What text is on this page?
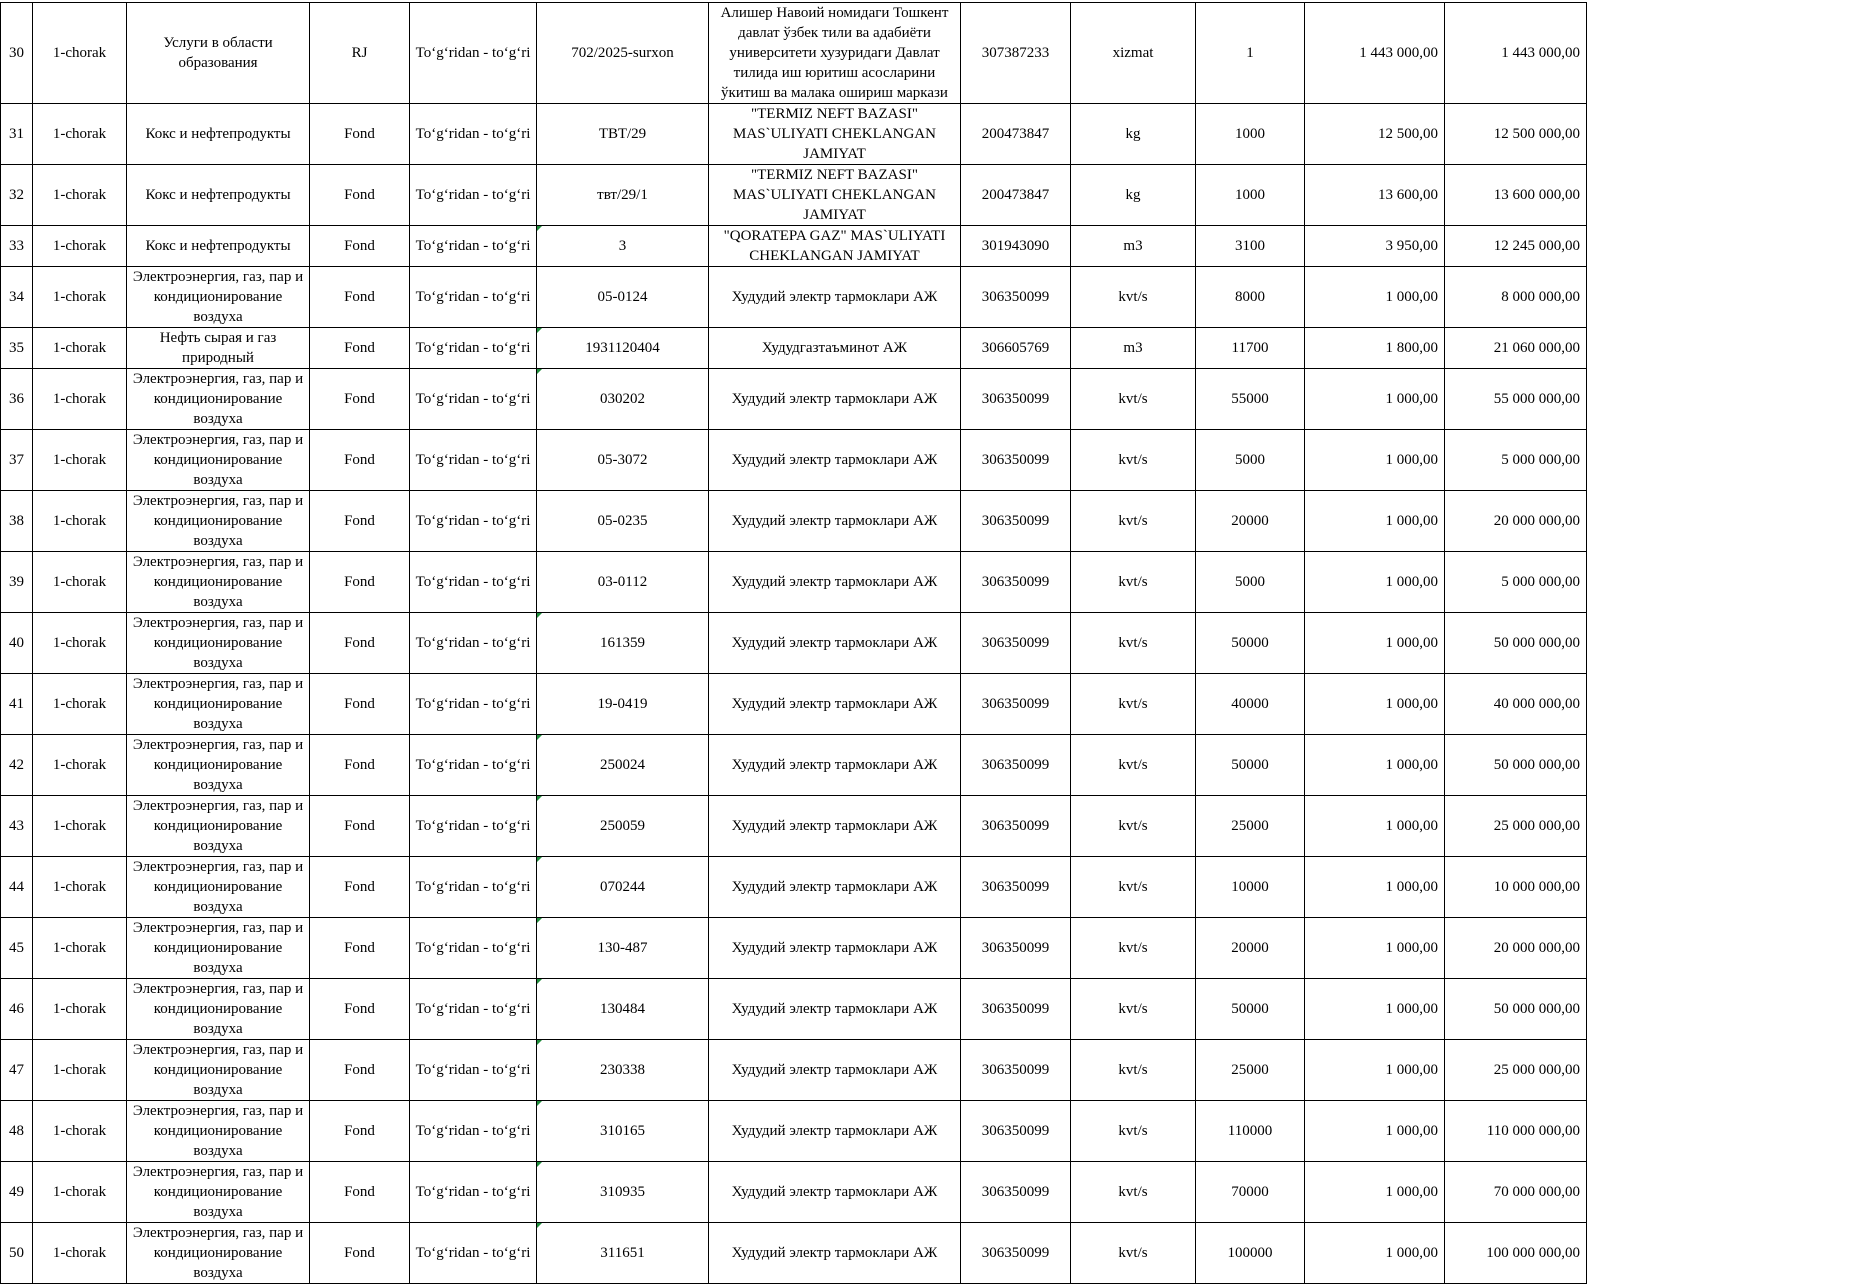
30	1-chorak	Услуги в области образования	RJ	To‘g‘ridan - to‘g‘ri	702/2025-surxon	Алишер Навоий номидаги Тошкент давлат ўзбек тили ва адабиёти университети хузуридаги Давлат тилида иш юритиш асосларини ўкитиш ва малака ошириш маркази	307387233	xizmat	1	1 443 000,00	1 443 000,00
31	1-chorak	Кокс и нефтепродукты	Fond	To‘g‘ridan - to‘g‘ri	ТВТ/29	"TERMIZ NEFT BAZASI" MAS`ULIYATI CHEKLANGAN JAMIYAT	200473847	kg	1000	12 500,00	12 500 000,00
32	1-chorak	Кокс и нефтепродукты	Fond	To‘g‘ridan - to‘g‘ri	твт/29/1	"TERMIZ NEFT BAZASI" MAS`ULIYATI CHEKLANGAN JAMIYAT	200473847	kg	1000	13 600,00	13 600 000,00
33	1-chorak	Кокс и нефтепродукты	Fond	To‘g‘ridan - to‘g‘ri	3	"QORATEPA GAZ" MAS`ULIYATI CHEKLANGAN JAMIYAT	301943090	m3	3100	3 950,00	12 245 000,00
34	1-chorak	Электроэнергия, газ, пар и кондиционирование воздуха	Fond	To‘g‘ridan - to‘g‘ri	05-0124	Худудий электр тармоклари АЖ	306350099	kvt/s	8000	1 000,00	8 000 000,00
35	1-chorak	Нефть сырая и газ природный	Fond	To‘g‘ridan - to‘g‘ri	1931120404	Худудгазтаъминот АЖ	306605769	m3	11700	1 800,00	21 060 000,00
36	1-chorak	Электроэнергия, газ, пар и кондиционирование воздуха	Fond	To‘g‘ridan - to‘g‘ri	030202	Худудий электр тармоклари АЖ	306350099	kvt/s	55000	1 000,00	55 000 000,00
37	1-chorak	Электроэнергия, газ, пар и кондиционирование воздуха	Fond	To‘g‘ridan - to‘g‘ri	05-3072	Худудий электр тармоклари АЖ	306350099	kvt/s	5000	1 000,00	5 000 000,00
38	1-chorak	Электроэнергия, газ, пар и кондиционирование воздуха	Fond	To‘g‘ridan - to‘g‘ri	05-0235	Худудий электр тармоклари АЖ	306350099	kvt/s	20000	1 000,00	20 000 000,00
39	1-chorak	Электроэнергия, газ, пар и кондиционирование воздуха	Fond	To‘g‘ridan - to‘g‘ri	03-0112	Худудий электр тармоклари АЖ	306350099	kvt/s	5000	1 000,00	5 000 000,00
40	1-chorak	Электроэнергия, газ, пар и кондиционирование воздуха	Fond	To‘g‘ridan - to‘g‘ri	161359	Худудий электр тармоклари АЖ	306350099	kvt/s	50000	1 000,00	50 000 000,00
41	1-chorak	Электроэнергия, газ, пар и кондиционирование воздуха	Fond	To‘g‘ridan - to‘g‘ri	19-0419	Худудий электр тармоклари АЖ	306350099	kvt/s	40000	1 000,00	40 000 000,00
42	1-chorak	Электроэнергия, газ, пар и кондиционирование воздуха	Fond	To‘g‘ridan - to‘g‘ri	250024	Худудий электр тармоклари АЖ	306350099	kvt/s	50000	1 000,00	50 000 000,00
43	1-chorak	Электроэнергия, газ, пар и кондиционирование воздуха	Fond	To‘g‘ridan - to‘g‘ri	250059	Худудий электр тармоклари АЖ	306350099	kvt/s	25000	1 000,00	25 000 000,00
44	1-chorak	Электроэнергия, газ, пар и кондиционирование воздуха	Fond	To‘g‘ridan - to‘g‘ri	070244	Худудий электр тармоклари АЖ	306350099	kvt/s	10000	1 000,00	10 000 000,00
45	1-chorak	Электроэнергия, газ, пар и кондиционирование воздуха	Fond	To‘g‘ridan - to‘g‘ri	130-487	Худудий электр тармоклари АЖ	306350099	kvt/s	20000	1 000,00	20 000 000,00
46	1-chorak	Электроэнергия, газ, пар и кондиционирование воздуха	Fond	To‘g‘ridan - to‘g‘ri	130484	Худудий электр тармоклари АЖ	306350099	kvt/s	50000	1 000,00	50 000 000,00
47	1-chorak	Электроэнергия, газ, пар и кондиционирование воздуха	Fond	To‘g‘ridan - to‘g‘ri	230338	Худудий электр тармоклари АЖ	306350099	kvt/s	25000	1 000,00	25 000 000,00
48	1-chorak	Электроэнергия, газ, пар и кондиционирование воздуха	Fond	To‘g‘ridan - to‘g‘ri	310165	Худудий электр тармоклари АЖ	306350099	kvt/s	110000	1 000,00	110 000 000,00
49	1-chorak	Электроэнергия, газ, пар и кондиционирование воздуха	Fond	To‘g‘ridan - to‘g‘ri	310935	Худудий электр тармоклари АЖ	306350099	kvt/s	70000	1 000,00	70 000 000,00
50	1-chorak	Электроэнергия, газ, пар и кондиционирование воздуха	Fond	To‘g‘ridan - to‘g‘ri	311651	Худудий электр тармоклари АЖ	306350099	kvt/s	100000	1 000,00	100 000 000,00
